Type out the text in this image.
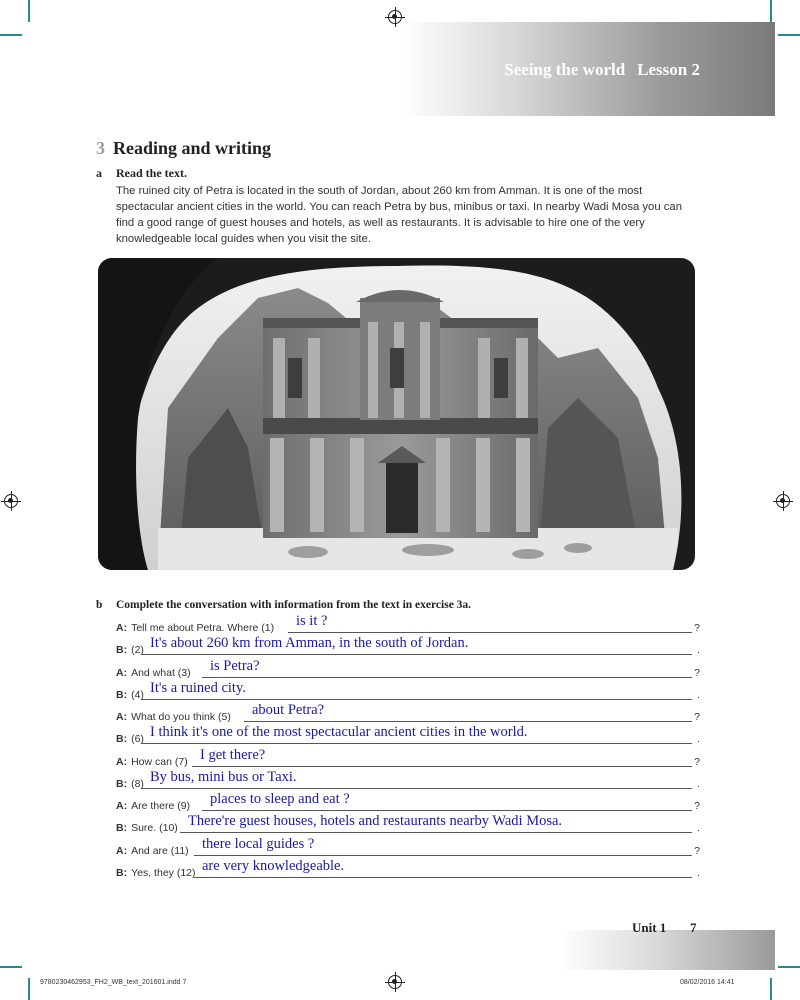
Seeing the world Lesson 2
3 Reading and writing
a Read the text.
The ruined city of Petra is located in the south of Jordan, about 260 km from Amman. It is one of the most spectacular ancient cities in the world. You can reach Petra by bus, minibus or taxi. In nearby Wadi Mosa you can find a good range of guest houses and hotels, as well as restaurants. It is advisable to hire one of the very knowledgeable local guides when you visit the site.
b Complete the conversation with information from the text in exercise 3a.
A: Tell me about Petra. Where (1) is it ?	?
B: (2) It's about 260 km from Amman, in the south of Jordan.	.
A: And what (3) is Petra?	?
B: (4) It's a ruined city.	.
A: What do you think (5) about Petra?	?
B: (6) I think it's one of the most spectacular ancient cities in the world.	.
A: How can (7) I get there?	?
B: (8) By bus, mini bus or Taxi.	.
A: Are there (9) places to sleep and eat ?	?
B: Sure. (10) There're guest houses, hotels and restaurants nearby Wadi Mosa.	.
A: And are (11) there local guides ?	?
B: Yes, they (12) are very knowledgeable.	.
Unit 1 7
9780230462953_FH2_WB_text_201601.indd 7	08/02/2016 14:41
